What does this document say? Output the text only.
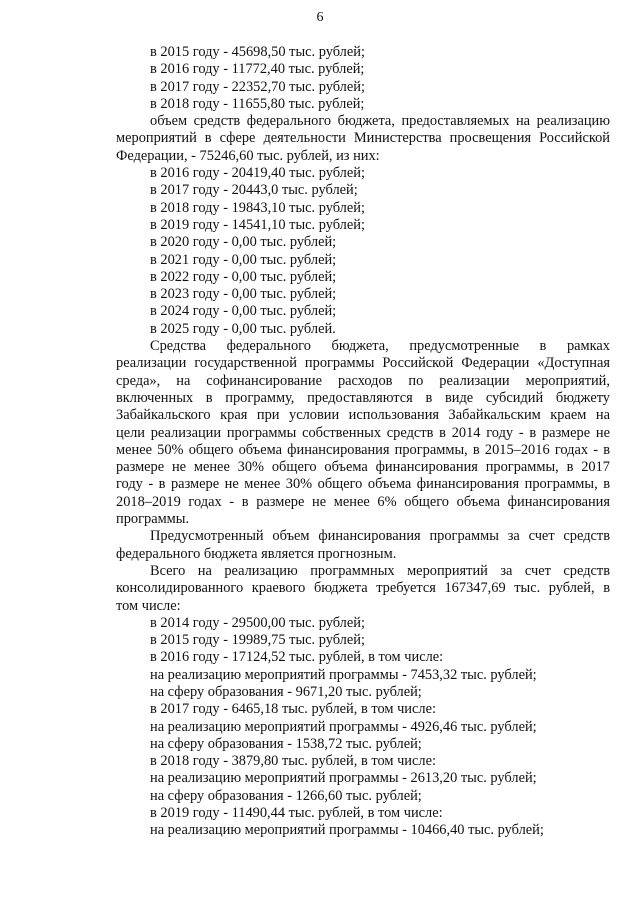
6
в 2015 году - 45698,50 тыс. рублей;
в 2016 году - 11772,40 тыс. рублей;
в 2017 году - 22352,70 тыс. рублей;
в 2018 году - 11655,80 тыс. рублей;
объем средств федерального бюджета, предоставляемых на реализацию
мероприятий в сфере деятельности Министерства просвещения Российской
Федерации, - 75246,60 тыс. рублей, из них:
в 2016 году - 20419,40 тыс. рублей;
в 2017 году - 20443,0 тыс. рублей;
в 2018 году - 19843,10 тыс. рублей;
в 2019 году - 14541,10 тыс. рублей;
в 2020 году - 0,00 тыс. рублей;
в 2021 году - 0,00 тыс. рублей;
в 2022 году - 0,00 тыс. рублей;
в 2023 году - 0,00 тыс. рублей;
в 2024 году - 0,00 тыс. рублей;
в 2025 году - 0,00 тыс. рублей.
Средства федерального бюджета, предусмотренные в рамках
реализации государственной программы Российской Федерации «Доступная
среда», на софинансирование расходов по реализации мероприятий,
включенных в программу, предоставляются в виде субсидий бюджету
Забайкальского края при условии использования Забайкальским краем на
цели реализации программы собственных средств в 2014 году - в размере не
менее 50% общего объема финансирования программы, в 2015–2016 годах - в
размере не менее 30% общего объема финансирования программы, в 2017
году - в размере не менее 30% общего объема финансирования программы, в
2018–2019 годах - в размере не менее 6% общего объема финансирования
программы.
Предусмотренный объем финансирования программы за счет средств
федерального бюджета является прогнозным.
Всего на реализацию программных мероприятий за счет средств
консолидированного краевого бюджета требуется 167347,69 тыс. рублей, в
том числе:
в 2014 году - 29500,00 тыс. рублей;
в 2015 году - 19989,75 тыс. рублей;
в 2016 году - 17124,52 тыс. рублей, в том числе:
на реализацию мероприятий программы - 7453,32 тыс. рублей;
на сферу образования - 9671,20 тыс. рублей;
в 2017 году - 6465,18 тыс. рублей, в том числе:
на реализацию мероприятий программы - 4926,46 тыс. рублей;
на сферу образования - 1538,72 тыс. рублей;
в 2018 году - 3879,80 тыс. рублей, в том числе:
на реализацию мероприятий программы - 2613,20 тыс. рублей;
на сферу образования - 1266,60 тыс. рублей;
в 2019 году - 11490,44 тыс. рублей, в том числе:
на реализацию мероприятий программы - 10466,40 тыс. рублей;
